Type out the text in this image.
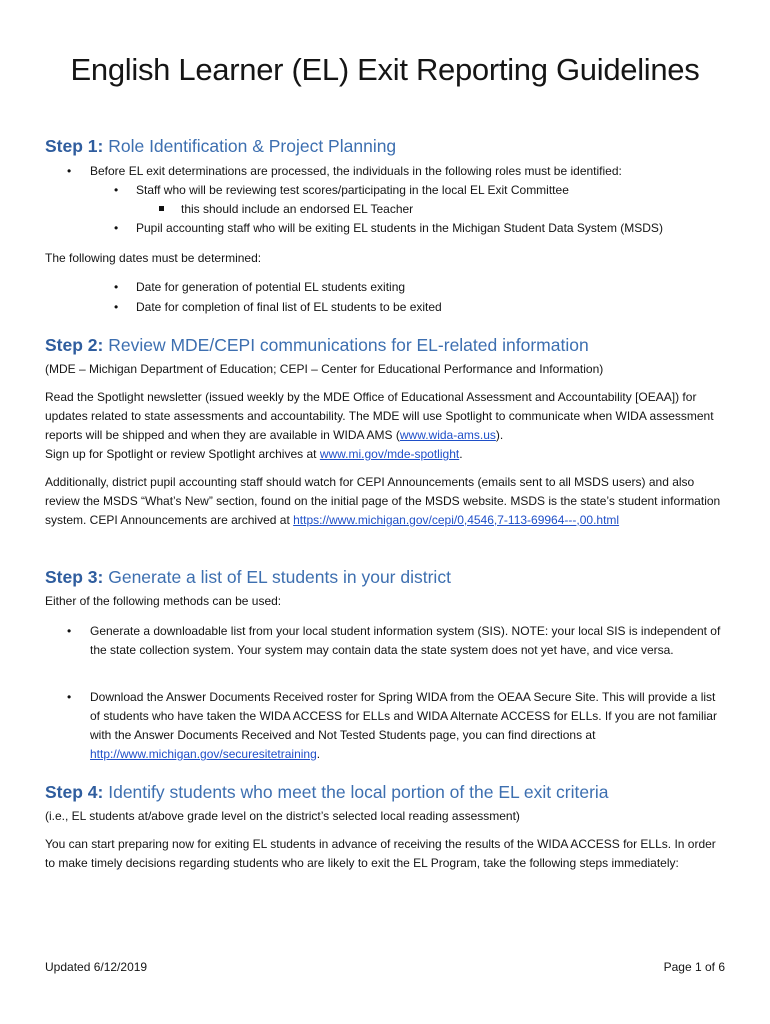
English Learner (EL) Exit Reporting Guidelines
Step 1: Role Identification & Project Planning
• Before EL exit determinations are processed, the individuals in the following roles must be identified:
• Staff who will be reviewing test scores/participating in the local EL Exit Committee
this should include an endorsed EL Teacher
• Pupil accounting staff who will be exiting EL students in the Michigan Student Data System (MSDS)
The following dates must be determined:
• Date for generation of potential EL students exiting
• Date for completion of final list of EL students to be exited
Step 2: Review MDE/CEPI communications for EL-related information
(MDE – Michigan Department of Education; CEPI – Center for Educational Performance and Information)
Read the Spotlight newsletter (issued weekly by the MDE Office of Educational Assessment and Accountability [OEAA]) for updates related to state assessments and accountability. The MDE will use Spotlight to communicate when WIDA assessment reports will be shipped and when they are available in WIDA AMS (www.wida-ams.us).
Sign up for Spotlight or review Spotlight archives at www.mi.gov/mde-spotlight.
Additionally, district pupil accounting staff should watch for CEPI Announcements (emails sent to all MSDS users) and also review the MSDS “What’s New” section, found on the initial page of the MSDS website. MSDS is the state’s student information system. CEPI Announcements are archived at https://www.michigan.gov/cepi/0,4546,7-113-69964---,00.html
Step 3: Generate a list of EL students in your district
Either of the following methods can be used:
• Generate a downloadable list from your local student information system (SIS). NOTE: your local SIS is independent of the state collection system. Your system may contain data the state system does not yet have, and vice versa.
• Download the Answer Documents Received roster for Spring WIDA from the OEAA Secure Site. This will provide a list of students who have taken the WIDA ACCESS for ELLs and WIDA Alternate ACCESS for ELLs. If you are not familiar with the Answer Documents Received and Not Tested Students page, you can find directions at http://www.michigan.gov/securesitetraining.
Step 4: Identify students who meet the local portion of the EL exit criteria
(i.e., EL students at/above grade level on the district’s selected local reading assessment)
You can start preparing now for exiting EL students in advance of receiving the results of the WIDA ACCESS for ELLs. In order to make timely decisions regarding students who are likely to exit the EL Program, take the following steps immediately:
Updated 6/12/2019	Page 1 of 6
